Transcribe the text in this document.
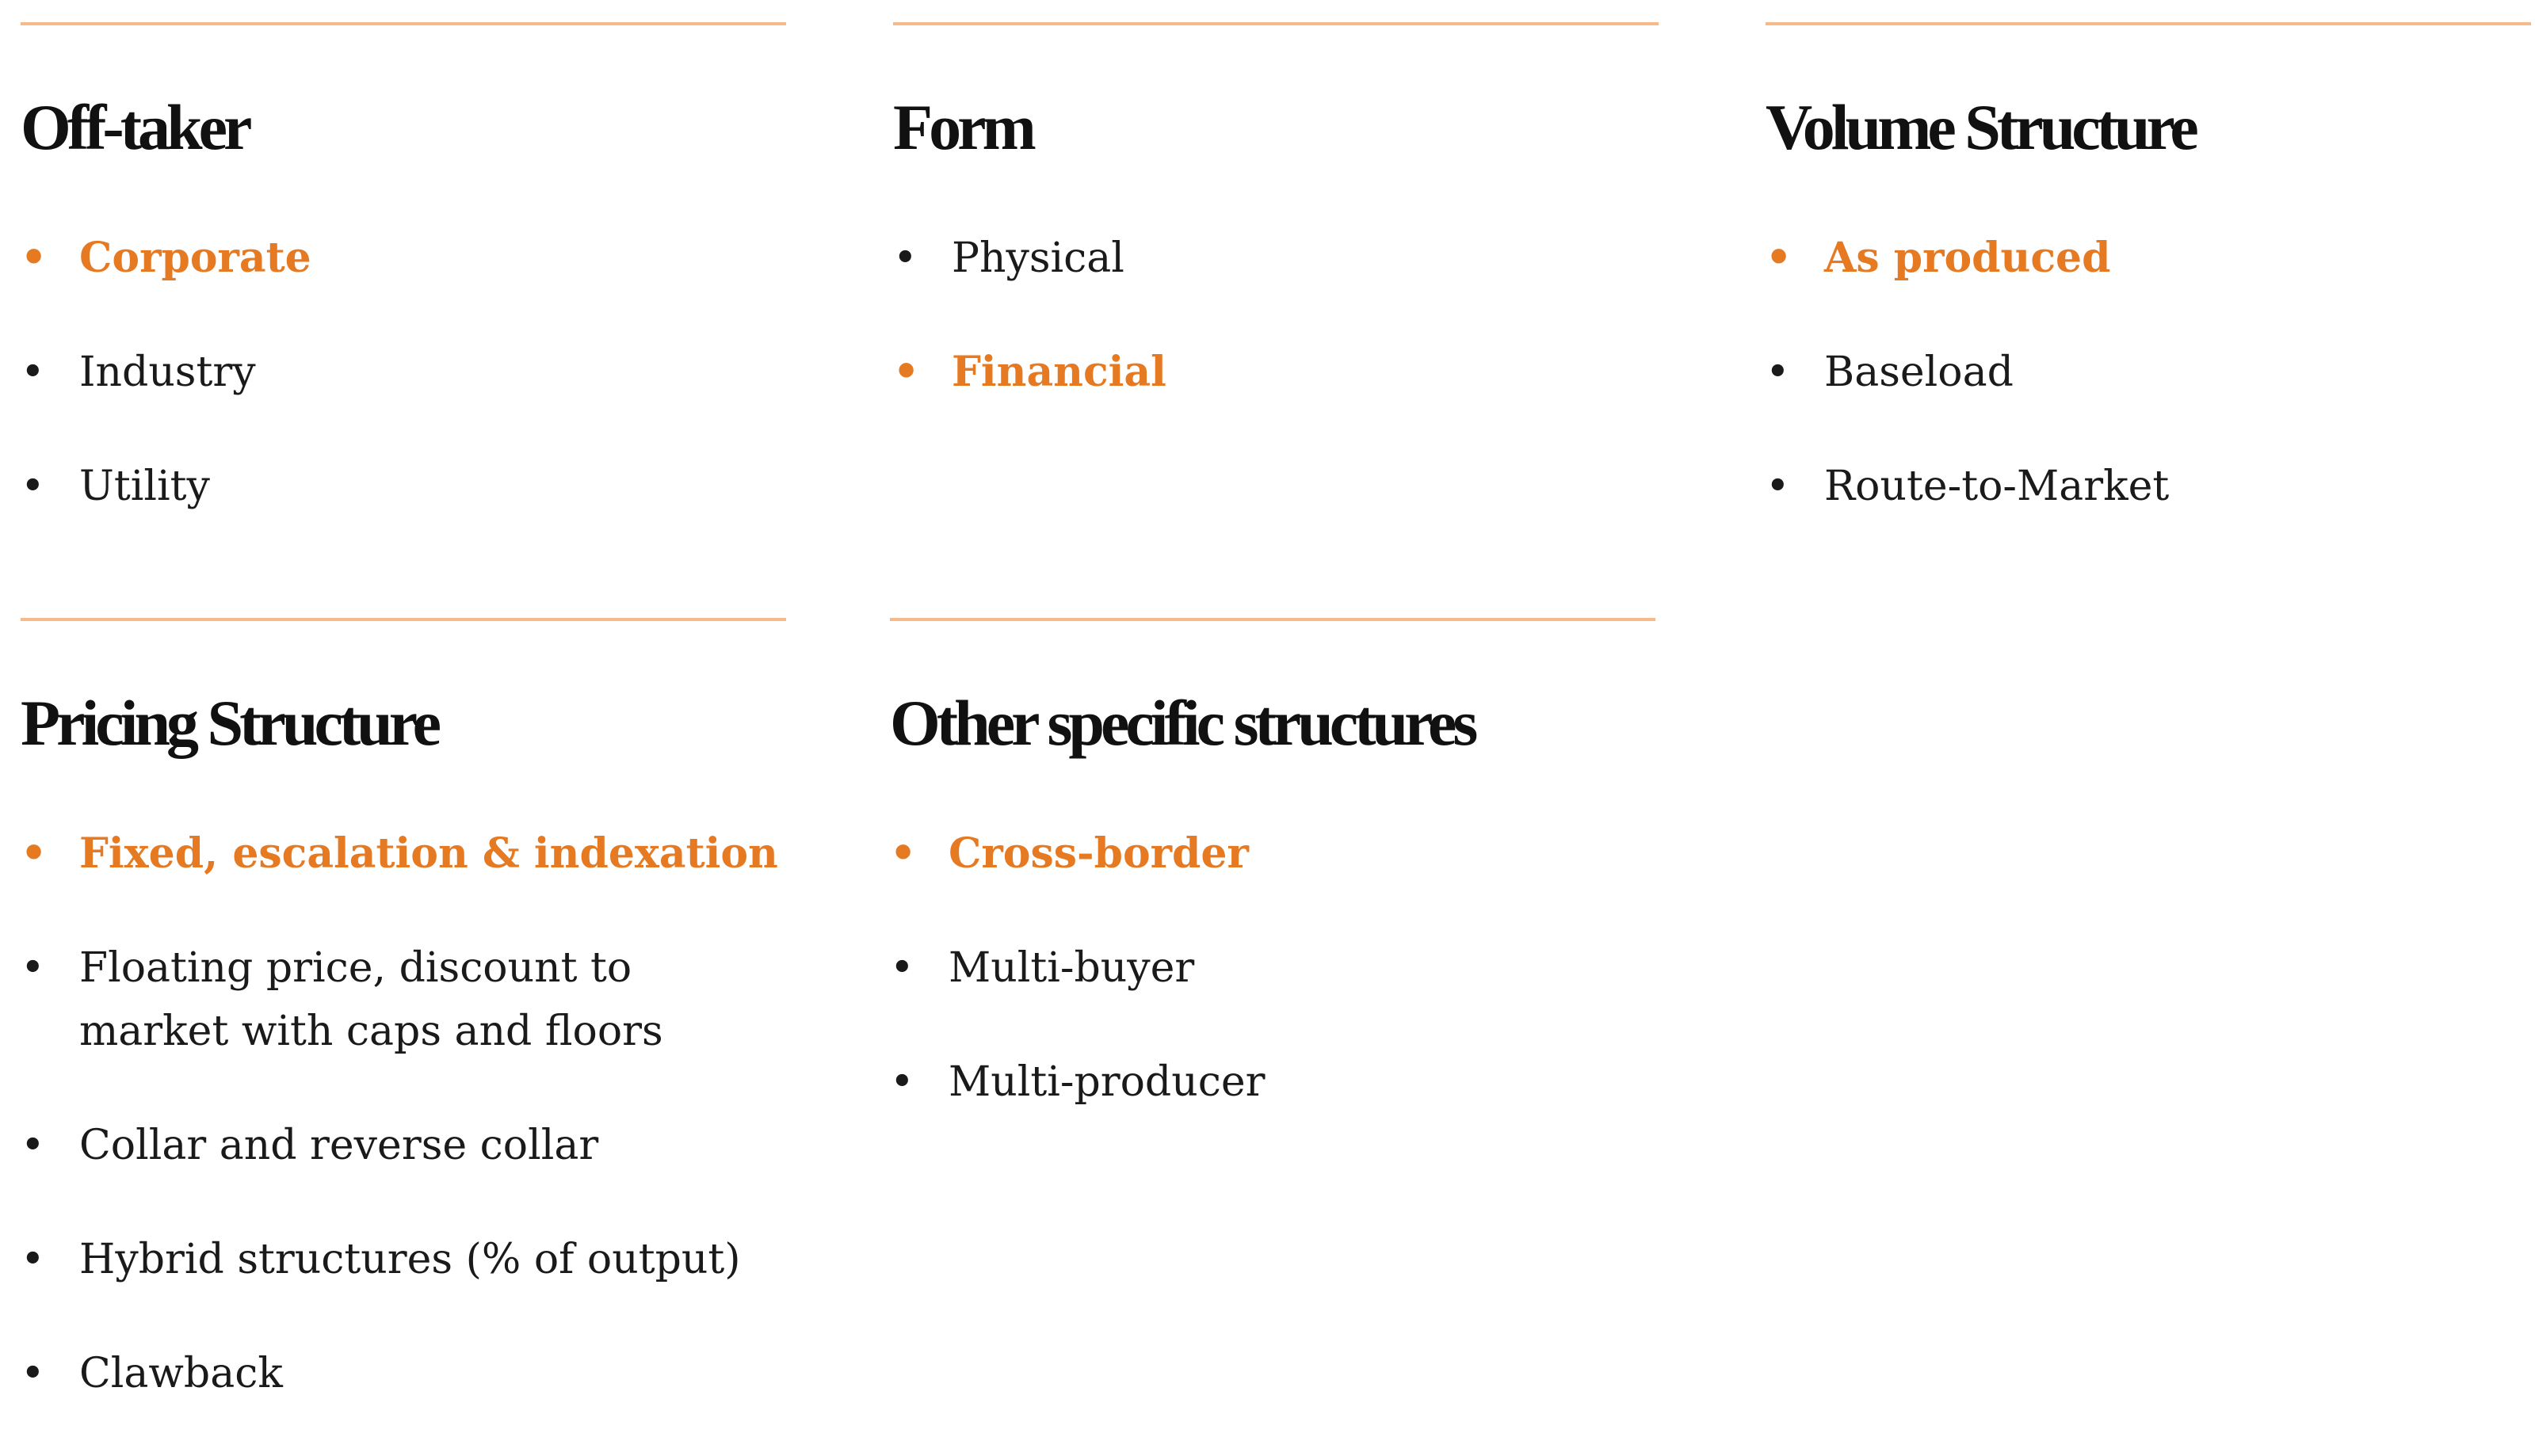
Off-taker
• Corporate
• Industry
• Utility
Form
• Physical
• Financial
Volume Structure
• As produced
• Baseload
• Route-to-Market
Pricing Structure
• Fixed, escalation & indexation
• Floating price, discount to market with caps and floors
• Collar and reverse collar
• Hybrid structures (% of output)
• Clawback
Other specific structures
• Cross-border
• Multi-buyer
• Multi-producer
